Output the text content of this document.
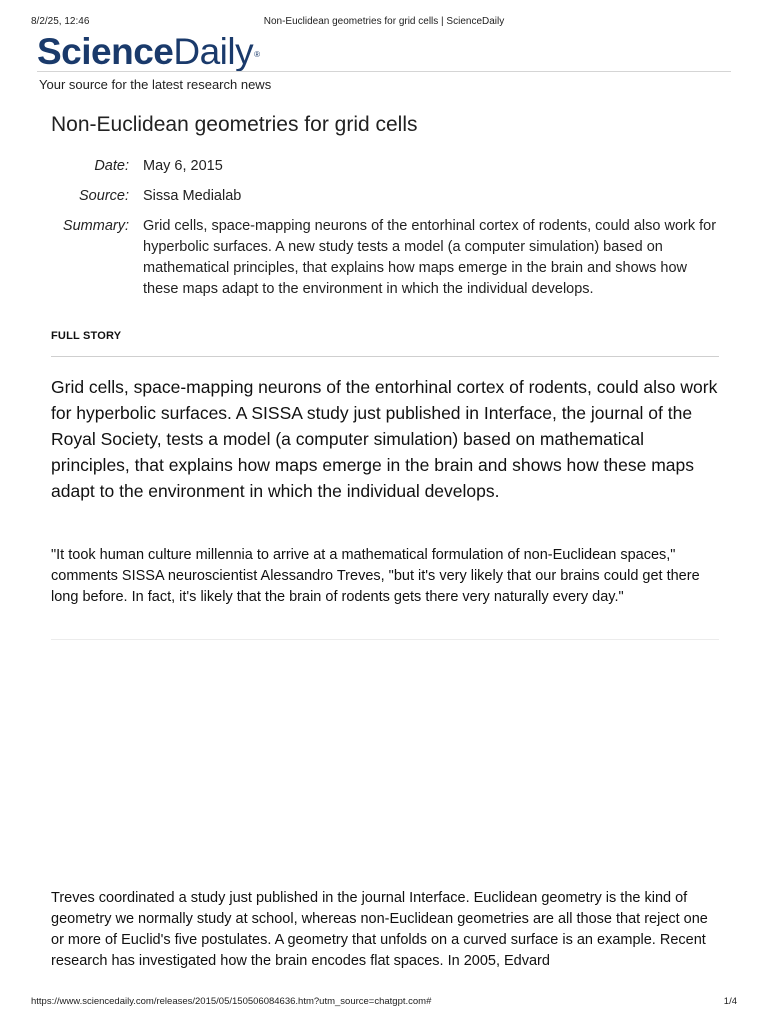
8/2/25, 12:46	Non-Euclidean geometries for grid cells | ScienceDaily
ScienceDaily®
Your source for the latest research news
Non-Euclidean geometries for grid cells
Date: May 6, 2015
Source: Sissa Medialab
Summary: Grid cells, space-mapping neurons of the entorhinal cortex of rodents, could also work for hyperbolic surfaces. A new study tests a model (a computer simulation) based on mathematical principles, that explains how maps emerge in the brain and shows how these maps adapt to the environment in which the individual develops.
FULL STORY

Grid cells, space-mapping neurons of the entorhinal cortex of rodents, could also work for hyperbolic surfaces. A SISSA study just published in Interface, the journal of the Royal Society, tests a model (a computer simulation) based on mathematical principles, that explains how maps emerge in the brain and shows how these maps adapt to the environment in which the individual develops.

"It took human culture millennia to arrive at a mathematical formulation of non-Euclidean spaces," comments SISSA neuroscientist Alessandro Treves, "but it's very likely that our brains could get there long before. In fact, it's likely that the brain of rodents gets there very naturally every day."

Treves coordinated a study just published in the journal Interface. Euclidean geometry is the kind of geometry we normally study at school, whereas non-Euclidean geometries are all those that reject one or more of Euclid's five postulates. A geometry that unfolds on a curved surface is an example. Recent research has investigated how the brain encodes flat spaces. In 2005, Edvard

https://www.sciencedaily.com/releases/2015/05/150506084636.htm?utm_source=chatgpt.com#	1/4
